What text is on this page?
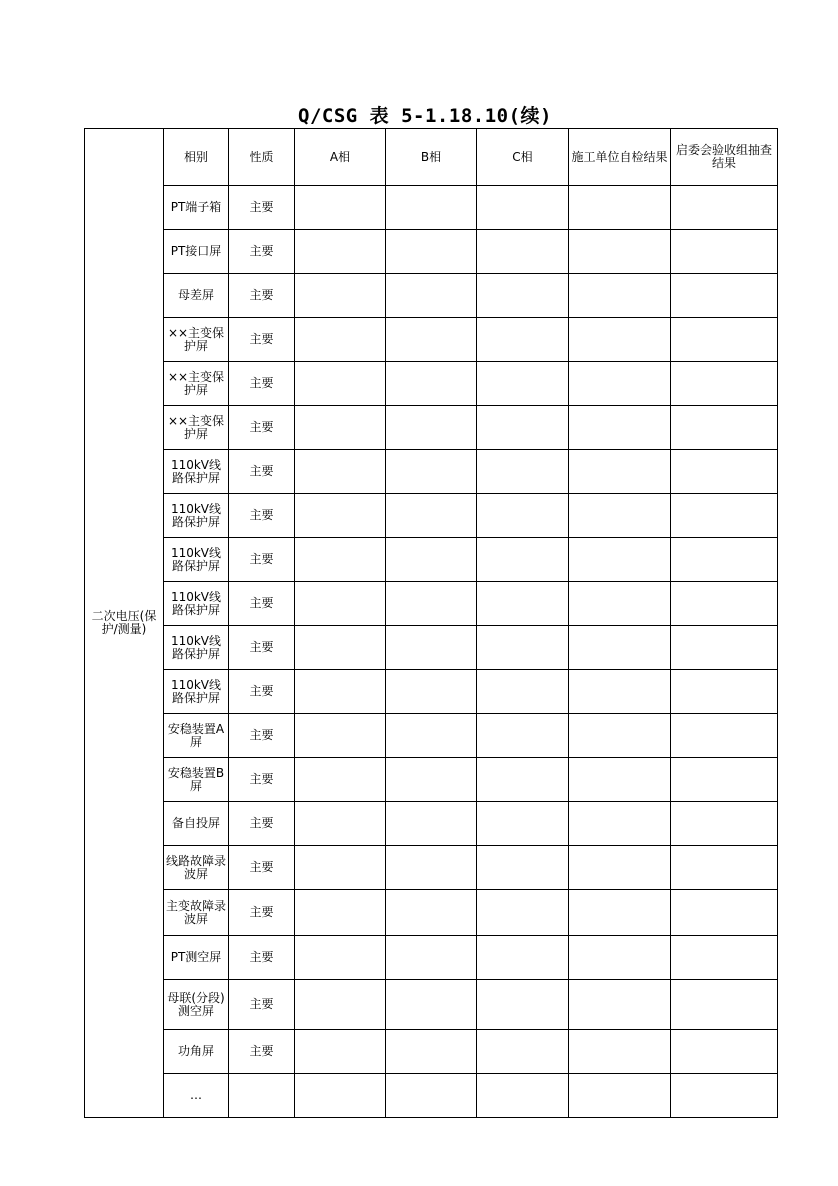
Q/CSG 表 5-1.18.10(续)
二次电压(保护/测量)	相别	性质	A相	B相	C相	施工单位自检结果	启委会验收组抽查结果
	PT端子箱	主要					
	PT接口屏	主要					
	母差屏	主要					
	××主变保护屏	主要					
	××主变保护屏	主要					
	××主变保护屏	主要					
	110kV线路保护屏	主要					
	110kV线路保护屏	主要					
	110kV线路保护屏	主要					
	110kV线路保护屏	主要					
	110kV线路保护屏	主要					
	110kV线路保护屏	主要					
	安稳装置A屏	主要					
	安稳装置B屏	主要					
	备自投屏	主要					
	线路故障录波屏	主要					
	主变故障录波屏	主要					
	PT测空屏	主要					
	母联(分段)测空屏	主要					
	功角屏	主要					
	…						
